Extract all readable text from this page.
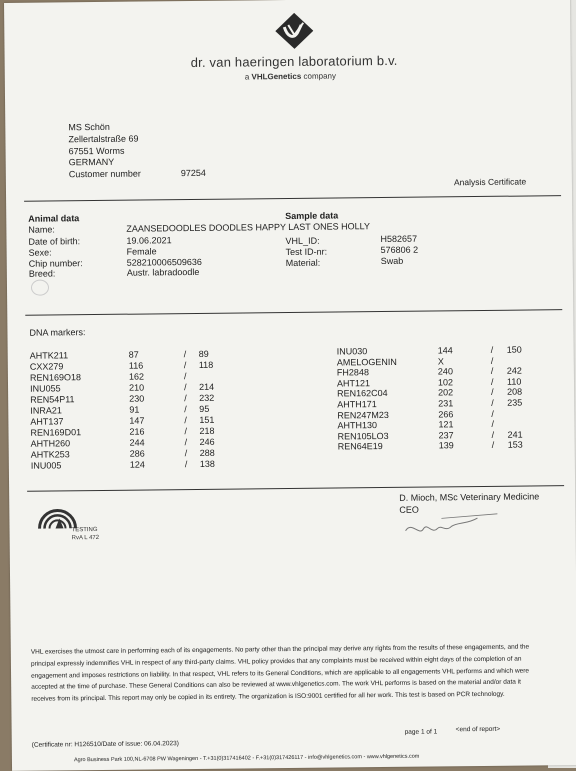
dr. van haeringen laboratorium b.v.
a VHLGenetics company
MS Schön
Zellertalstraße 69
67551 Worms
GERMANY
Customer number	97254
Analysis Certificate
Animal data	Sample data
Name:	ZAANSEDOODLES DOODLES HAPPY LAST ONES HOLLY
Date of birth:	19.06.2021	VHL_ID:	H582657
Sexe:	Female	Test ID-nr:	576806 2
Chip number:	528210006509636	Material:	Swab
Breed:	Austr. labradoodle
DNA markers:
AHTK211	87	/ 89
CXX279	116	/ 118
REN169O18	162	/
INU055	210	/ 214
REN54P11	230	/ 232
INRA21	91	/ 95
AHT137	147	/ 151
REN169D01	216	/ 218
AHTH260	244	/ 246
AHTK253	286	/ 288
INU005	124	/ 138
INU030	144	/ 150
AMELOGENIN	X	/
FH2848	240	/ 242
AHT121	102	/ 110
REN162C04	202	/ 208
AHTH171	231	/ 235
REN247M23	266	/
AHTH130	121	/
REN105LO3	237	/ 241
REN64E19	139	/ 153
TESTING
RvA L 472
D. Mioch, MSc Veterinary Medicine
CEO
VHL exercises the utmost care in performing each of its engagements. No party other than the principal may derive any rights from the results of these engagements, and the principal expressly indemnifies VHL in respect of any third-party claims. VHL policy provides that any complaints must be received within eight days of the completion of an engagement and imposes restrictions on liability. In that respect, VHL refers to its General Conditions, which are applicable to all engagements VHL performs and which were accepted at the time of purchase. These General Conditions can also be reviewed at www.vhlgenetics.com. The work VHL performs is based on the material and/or data it receives from its principal. This report may only be copied in its entirety. The organization is ISO:9001 certified for all her work. This test is based on PCR technology.
(Certificate nr: H126510/Date of issue: 06.04.2023)
page 1 of 1	<end of report>
Agro Business Park 100,NL-6708 PW Wageningen - T.+31(0)317416402 - F.+31(0)317426117 - info@vhlgenetics.com - www.vhlgenetics.com
